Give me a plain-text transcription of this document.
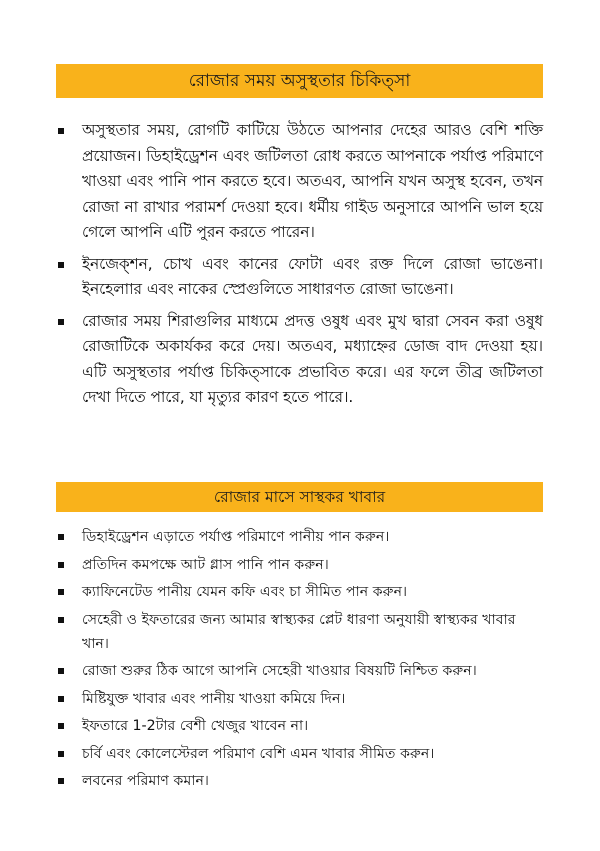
রোজার সময় অসুস্থতার চিকিত্সা
অসুস্থতার সময়, রোগটি কাটিয়ে উঠতে আপনার দেহের আরও বেশি শক্তি প্রয়োজন। ডিহাইড্রেশন এবং জটিলতা রোধ করতে আপনাকে পর্যাপ্ত পরিমাণে খাওয়া এবং পানি পান করতে হবে। অতএব, আপনি যখন অসুস্থ হবেন, তখন রোজা না রাখার পরামর্শ দেওয়া হবে। ধর্মীয় গাইড অনুসারে আপনি ভাল হয়ে গেলে আপনি এটি পুরন করতে পারেন।
ইনজেক্শন, চোখ এবং কানের ফোটা এবং রক্ত দিলে রোজা ভাঙেনা। ইনহেলাার এবং নাকের স্প্রেগুলিতে সাধারণত রোজা ভাঙেনা।
রোজার সময় শিরাগুলির মাধ্যমে প্রদত্ত ওষুধ এবং মুখ দ্বারা সেবন করা ওষুধ রোজাটিকে অকার্যকর করে দেয়। অতএব, মধ্যাহ্নের ডোজ বাদ দেওয়া হয়। এটি অসুস্থতার পর্যাপ্ত চিকিত্সাকে প্রভাবিত করে। এর ফলে তীব্র জটিলতা দেখা দিতে পারে, যা মৃত্যুর কারণ হতে পারে।.
রোজার মাসে সাস্থকর খাবার
ডিহাইড্রেশন এড়াতে পর্যাপ্ত পরিমাণে পানীয় পান করুন।
প্রতিদিন কমপক্ষে আট গ্লাস পানি পান করুন।
ক্যাফিনেটেড পানীয় যেমন কফি এবং চা সীমিত পান করুন।
সেহেরী ও ইফতারের জন্য আমার স্বাস্থ্যকর প্লেট ধারণা অনুযায়ী স্বাস্থ্যকর খাবার খান।
রোজা শুরুর ঠিক আগে আপনি সেহেরী খাওয়ার বিষয়টি নিশ্চিত করুন।
মিষ্টিযুক্ত খাবার এবং পানীয় খাওয়া কমিয়ে দিন।
ইফতারে 1-2টার বেশী খেজুর খাবেন না।
চর্বি এবং কোলেস্টেরল পরিমাণ বেশি এমন খাবার সীমিত করুন।
লবনের পরিমাণ কমান।
